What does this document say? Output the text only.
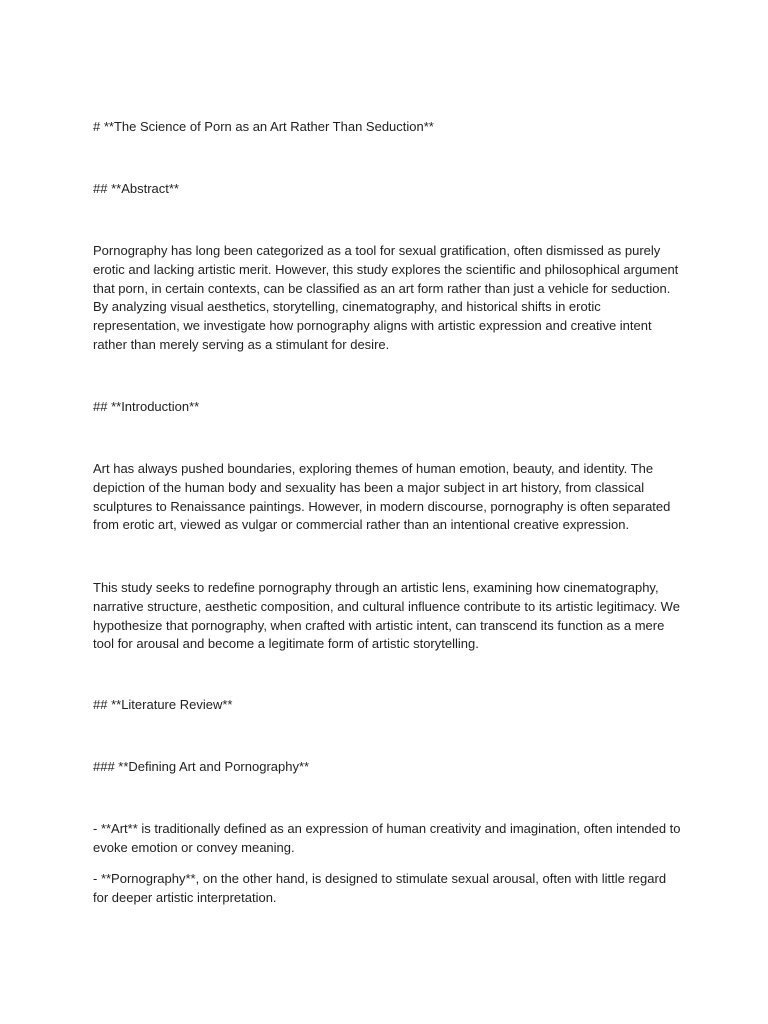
# **The Science of Porn as an Art Rather Than Seduction**

## **Abstract**

Pornography has long been categorized as a tool for sexual gratification, often dismissed as purely erotic and lacking artistic merit. However, this study explores the scientific and philosophical argument that porn, in certain contexts, can be classified as an art form rather than just a vehicle for seduction. By analyzing visual aesthetics, storytelling, cinematography, and historical shifts in erotic representation, we investigate how pornography aligns with artistic expression and creative intent rather than merely serving as a stimulant for desire.

## **Introduction**

Art has always pushed boundaries, exploring themes of human emotion, beauty, and identity. The depiction of the human body and sexuality has been a major subject in art history, from classical sculptures to Renaissance paintings. However, in modern discourse, pornography is often separated from erotic art, viewed as vulgar or commercial rather than an intentional creative expression.

This study seeks to redefine pornography through an artistic lens, examining how cinematography, narrative structure, aesthetic composition, and cultural influence contribute to its artistic legitimacy. We hypothesize that pornography, when crafted with artistic intent, can transcend its function as a mere tool for arousal and become a legitimate form of artistic storytelling.

## **Literature Review**

### **Defining Art and Pornography**

- **Art** is traditionally defined as an expression of human creativity and imagination, often intended to evoke emotion or convey meaning.

- **Pornography**, on the other hand, is designed to stimulate sexual arousal, often with little regard for deeper artistic interpretation.
